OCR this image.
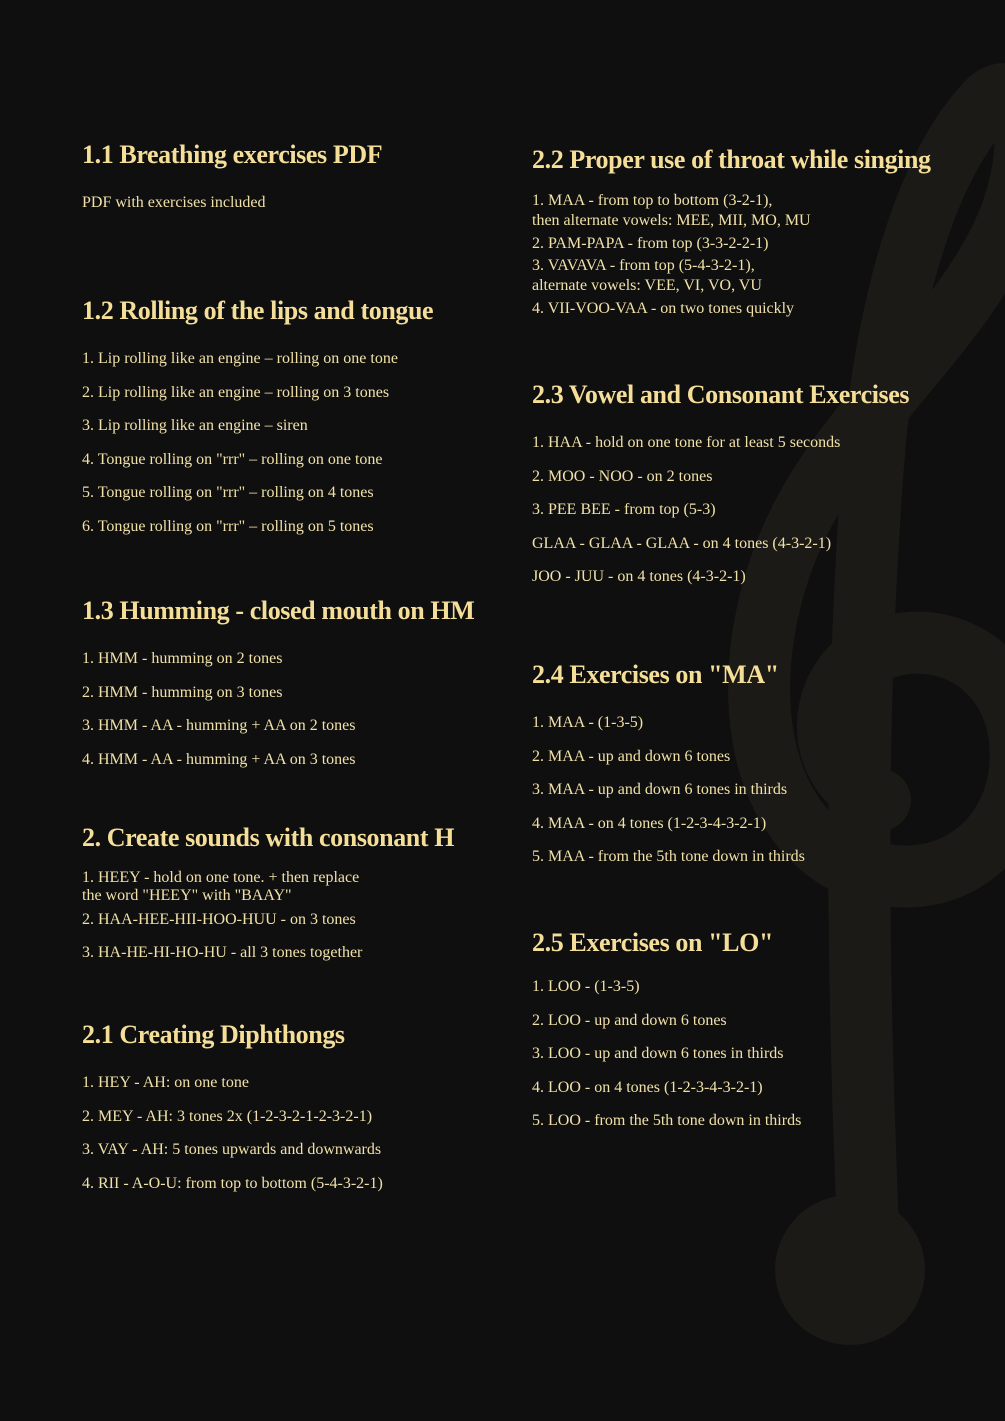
1.1 Breathing exercises PDF
PDF with exercises included
1.2 Rolling of the lips and tongue
1. Lip rolling like an engine – rolling on one tone
2. Lip rolling like an engine – rolling on 3 tones
3. Lip rolling like an engine – siren
4. Tongue rolling on "rrr" – rolling on one tone
5. Tongue rolling on "rrr" – rolling on 4 tones
6. Tongue rolling on "rrr" – rolling on 5 tones
1.3 Humming - closed mouth on HM
1. HMM - humming on 2 tones
2. HMM - humming on 3 tones
3. HMM - AA - humming + AA on 2 tones
4. HMM - AA - humming + AA on 3 tones
2. Create sounds with consonant H
1. HEEY - hold on one tone. + then replace
the word "HEEY" with "BAAY"
2. HAA-HEE-HII-HOO-HUU - on 3 tones
3. HA-HE-HI-HO-HU - all 3 tones together
2.1 Creating Diphthongs
1. HEY - AH: on one tone
2. MEY - AH: 3 tones 2x (1-2-3-2-1-2-3-2-1)
3. VAY - AH: 5 tones upwards and downwards
4. RII - A-O-U: from top to bottom (5-4-3-2-1)
2.2 Proper use of throat while singing
1. MAA - from top to bottom (3-2-1),
then alternate vowels: MEE, MII, MO, MU
2. PAM-PAPA - from top (3-3-2-2-1)
3. VAVAVA - from top (5-4-3-2-1),
alternate vowels: VEE, VI, VO, VU
4. VII-VOO-VAA - on two tones quickly
2.3 Vowel and Consonant Exercises
1. HAA - hold on one tone for at least 5 seconds
2. MOO - NOO - on 2 tones
3. PEE BEE - from top (5-3)
GLAA - GLAA - GLAA - on 4 tones (4-3-2-1)
JOO - JUU - on 4 tones (4-3-2-1)
2.4 Exercises on "MA"
1. MAA - (1-3-5)
2. MAA - up and down 6 tones
3. MAA - up and down 6 tones in thirds
4. MAA - on 4 tones (1-2-3-4-3-2-1)
5. MAA - from the 5th tone down in thirds
2.5 Exercises on "LO"
1. LOO - (1-3-5)
2. LOO - up and down 6 tones
3. LOO - up and down 6 tones in thirds
4. LOO - on 4 tones (1-2-3-4-3-2-1)
5. LOO - from the 5th tone down in thirds
